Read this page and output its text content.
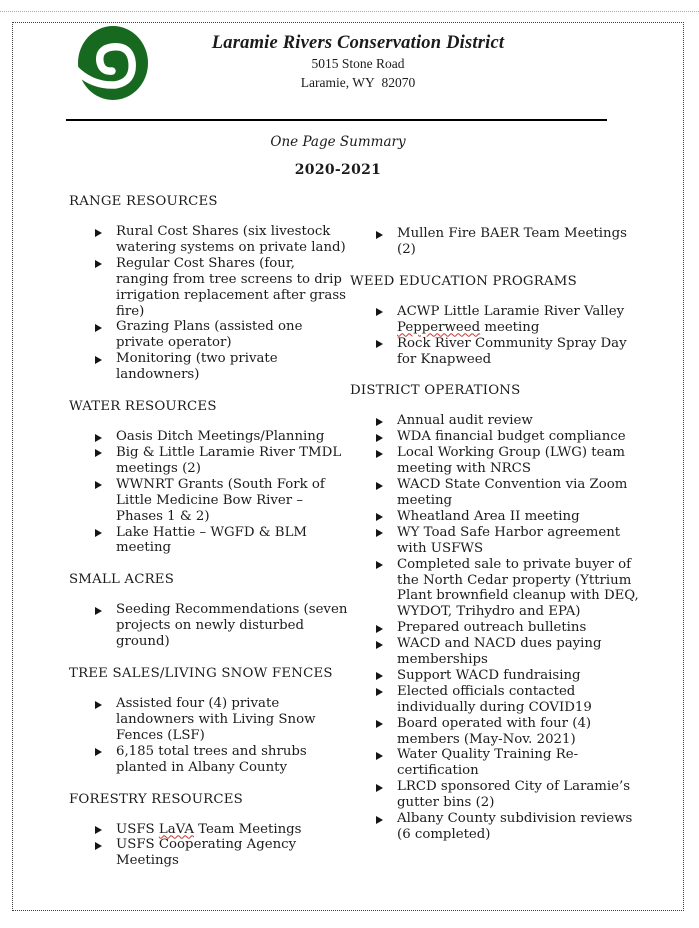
Laramie Rivers Conservation District
5015 Stone Road
Laramie, WY  82070
One Page Summary
2020-2021
RANGE RESOURCES
Rural Cost Shares (six livestock watering systems on private land)
Regular Cost Shares (four, ranging from tree screens to drip irrigation replacement after grass fire)
Grazing Plans (assisted one private operator)
Monitoring (two private landowners)
WATER RESOURCES
Oasis Ditch Meetings/Planning
Big & Little Laramie River TMDL meetings (2)
WWNRT Grants (South Fork of Little Medicine Bow River – Phases 1 & 2)
Lake Hattie – WGFD & BLM meeting
SMALL ACRES
Seeding Recommendations (seven projects on newly disturbed ground)
TREE SALES/LIVING SNOW FENCES
Assisted four (4) private landowners with Living Snow Fences (LSF)
6,185 total trees and shrubs planted in Albany County
FORESTRY RESOURCES
USFS LaVA Team Meetings
USFS Cooperating Agency Meetings
Mullen Fire BAER Team Meetings (2)
WEED EDUCATION PROGRAMS
ACWP Little Laramie River Valley Pepperweed meeting
Rock River Community Spray Day for Knapweed
DISTRICT OPERATIONS
Annual audit review
WDA financial budget compliance
Local Working Group (LWG) team meeting with NRCS
WACD State Convention via Zoom meeting
Wheatland Area II meeting
WY Toad Safe Harbor agreement with USFWS
Completed sale to private buyer of the North Cedar property (Yttrium Plant brownfield cleanup with DEQ, WYDOT, Trihydro and EPA)
Prepared outreach bulletins
WACD and NACD dues paying memberships
Support WACD fundraising
Elected officials contacted individually during COVID19
Board operated with four (4) members (May-Nov. 2021)
Water Quality Training Re-certification
LRCD sponsored City of Laramie’s gutter bins (2)
Albany County subdivision reviews (6 completed)
